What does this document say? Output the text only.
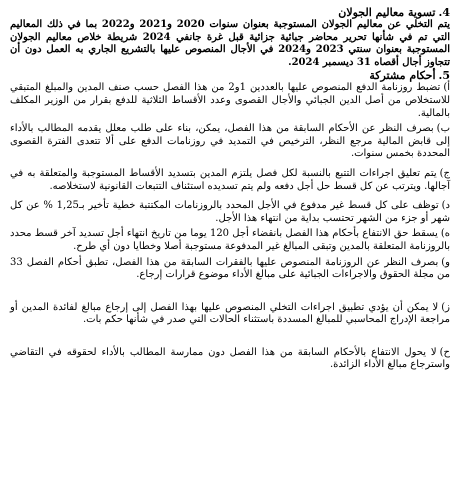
4.تسوية معاليم الجولان

يتم التخلي عن معاليم الجولان المستوجبة بعنوان سنوات 2020 و2021 و2022 بما في ذلك المعاليم التي تم في شأنها تحرير محاضر جبائية جزائية قبل غرة جانفي 2024 شريطة خلاص معاليم الجولان المستوجبة بعنوان سنتي 2023 و2024 في الأجال المنصوص عليها بالتشريع الجاري به العمل دون أن تتجاوز أجال أقصاه 31 ديسمبر 2024.

5.أحكام مشتركة

أ)تضبط روزنامة الدفع المنصوص عليها بالعددين 1و2 من هذا الفصل حسب صنف المدين والمبلغ المتبقي للاستخلاص من أصل الدين الجبائي والأجال القصوى وعدد الأقساط الثلاثية للدفع بقرار من الوزير المكلف بالمالية.

ب)بصرف النظر عن الأحكام السابقة من هذا الفصل، يمكن، بناء على طلب معلل يقدمه المطالب بالأداء إلى قابض المالية مرجع النظر، الترخيص في التمديد في روزنامات الدفع على ألا تتعدى الفترة القصوى المحددة بخمس سنوات.

ج)يتم تعليق اجراءات التتبع بالنسبة لكل فصل يلتزم المدين بتسديد الأقساط المستوجبة والمتعلقة به في آجالها. ويترتب عن كل قسط حل أجل دفعه ولم يتم تسديده استئناف التتبعات القانونية لاستخلاصه.

د)توظف على كل قسط غير مدفوع في الأجل المحدد بالروزنامات المكتتبة خطية تأخير بـ1,25 % عن كل شهر أو جزء من الشهر تحتسب بداية من انتهاء هذا الأجل.

ه)يسقط حق الانتفاع بأحكام هذا الفصل بانقضاء أجل 120 يوما من تاريخ انتهاء أجل تسديد آخر قسط محدد بالروزنامة المتعلقة بالمدين وتبقى المبالغ غير المدفوعة مستوجبة أصلا وخطايا دون أي طرح.

و)بصرف النظر عن الروزنامة المنصوص عليها بالفقرات السابقة من هذا الفصل، تطبق أحكام الفصل 33 من مجلة الحقوق والاجراءات الجبائية على مبالغ الأداء موضوع قرارات إرجاع.

ز)لا يمكن أن يؤدي تطبيق اجراءات التخلي المنصوص عليها بهذا الفصل إلى إرجاع مبالغ لفائدة المدين أو مراجعة الإدراج المحاسبي للمبالغ المسددة باستثناء الحالات التي صدر في شأنها حكم بات.

ح)لا يحول الانتفاع بالأحكام السابقة من هذا الفصل دون ممارسة المطالب بالأداء لحقوقه في التقاضي واسترجاع مبالغ الأداء الزائدة.
